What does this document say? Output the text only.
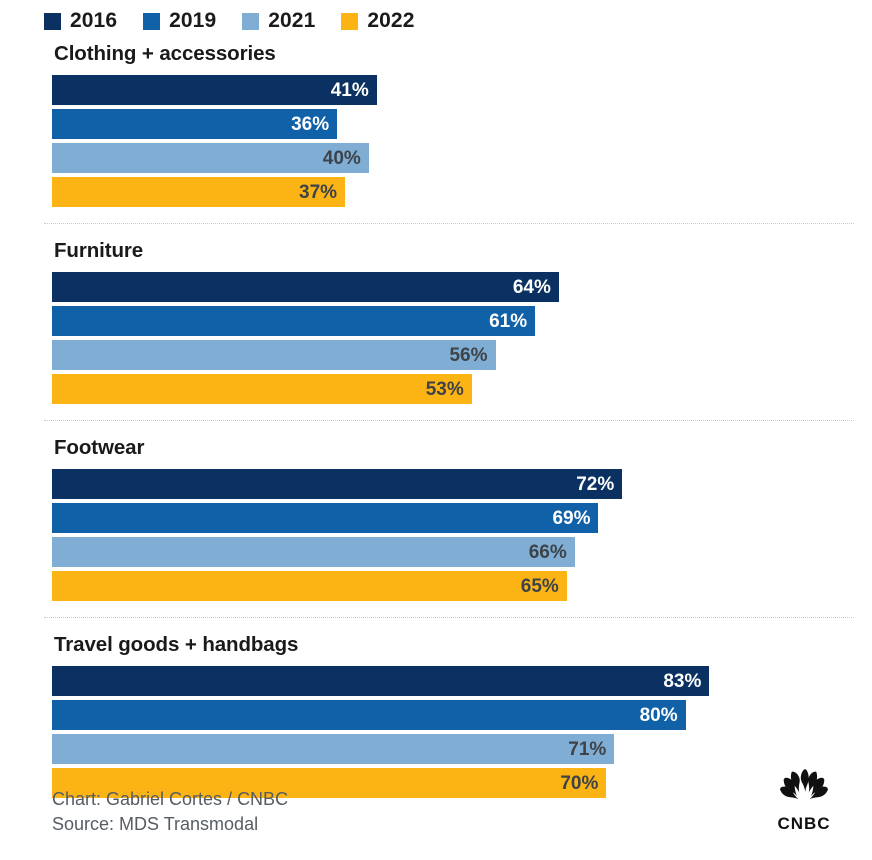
2016 2019 2021 2022
Clothing + accessories
41%
36%
40%
37%
Furniture
64%
61%
56%
53%
Footwear
72%
69%
66%
65%
Travel goods + handbags
83%
80%
71%
70%
Chart: Gabriel Cortes / CNBC
Source: MDS Transmodal	CNBC
